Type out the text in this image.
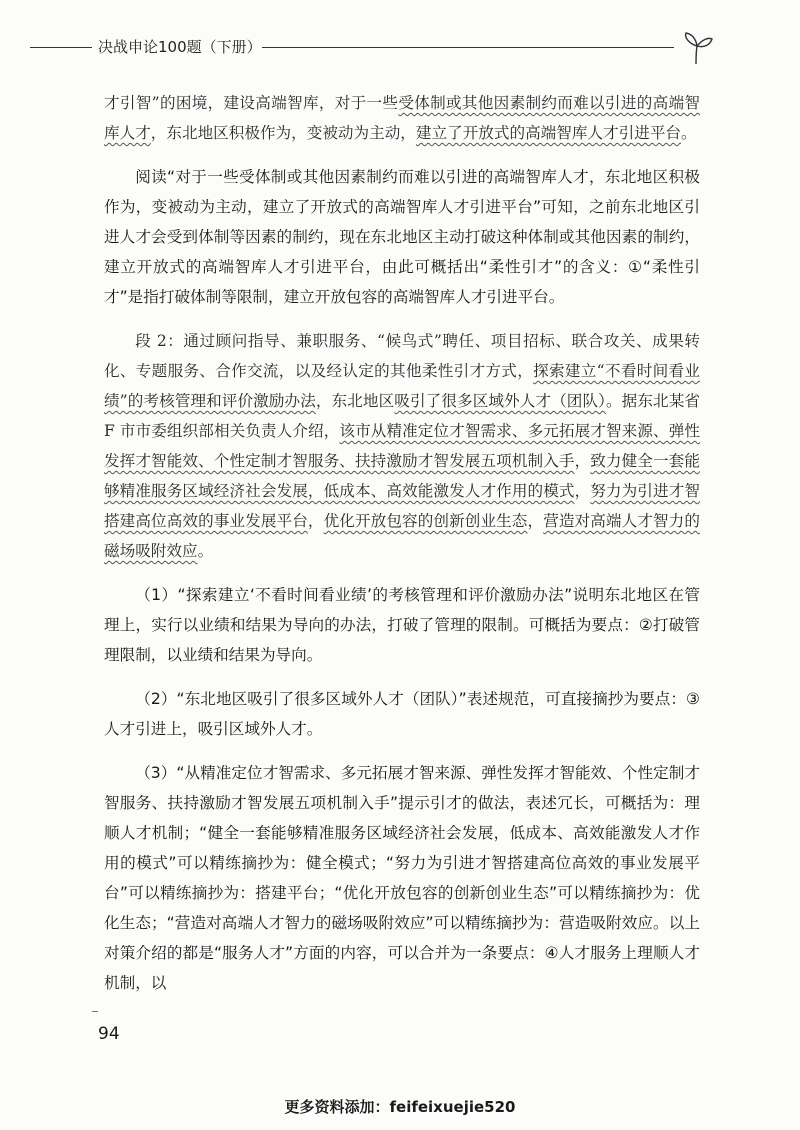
决战申论100题（下册）

才引智”的困境，建设高端智库，对于一些受体制或其他因素制约而难以引进的高端智库人才，东北地区积极作为，变被动为主动，建立了开放式的高端智库人才引进平台。

阅读“对于一些受体制或其他因素制约而难以引进的高端智库人才，东北地区积极作为，变被动为主动，建立了开放式的高端智库人才引进平台”可知，之前东北地区引进人才会受到体制等因素的制约，现在东北地区主动打破这种体制或其他因素的制约，建立开放式的高端智库人才引进平台，由此可概括出“柔性引才”的含义：①“柔性引才”是指打破体制等限制，建立开放包容的高端智库人才引进平台。

段 2：通过顾问指导、兼职服务、“候鸟式”聘任、项目招标、联合攻关、成果转化、专题服务、合作交流，以及经认定的其他柔性引才方式，探索建立“不看时间看业绩”的考核管理和评价激励办法，东北地区吸引了很多区域外人才（团队）。据东北某省 F 市市委组织部相关负责人介绍，该市从精准定位才智需求、多元拓展才智来源、弹性发挥才智能效、个性定制才智服务、扶持激励才智发展五项机制入手，致力健全一套能够精准服务区域经济社会发展，低成本、高效能激发人才作用的模式，努力为引进才智搭建高位高效的事业发展平台，优化开放包容的创新创业生态，营造对高端人才智力的磁场吸附效应。

（1）“探索建立‘不看时间看业绩’的考核管理和评价激励办法”说明东北地区在管理上，实行以业绩和结果为导向的办法，打破了管理的限制。可概括为要点：②打破管理限制，以业绩和结果为导向。

（2）“东北地区吸引了很多区域外人才（团队）”表述规范，可直接摘抄为要点：③人才引进上，吸引区域外人才。

（3）“从精准定位才智需求、多元拓展才智来源、弹性发挥才智能效、个性定制才智服务、扶持激励才智发展五项机制入手”提示引才的做法，表述冗长，可概括为：理顺人才机制；“健全一套能够精准服务区域经济社会发展，低成本、高效能激发人才作用的模式”可以精练摘抄为：健全模式；“努力为引进才智搭建高位高效的事业发展平台”可以精练摘抄为：搭建平台；“优化开放包容的创新创业生态”可以精练摘抄为：优化生态；“营造对高端人才智力的磁场吸附效应”可以精练摘抄为：营造吸附效应。以上对策介绍的都是“服务人才”方面的内容，可以合并为一条要点：④人才服务上理顺人才机制，以

94
更多资料添加：feifeixuejie520
